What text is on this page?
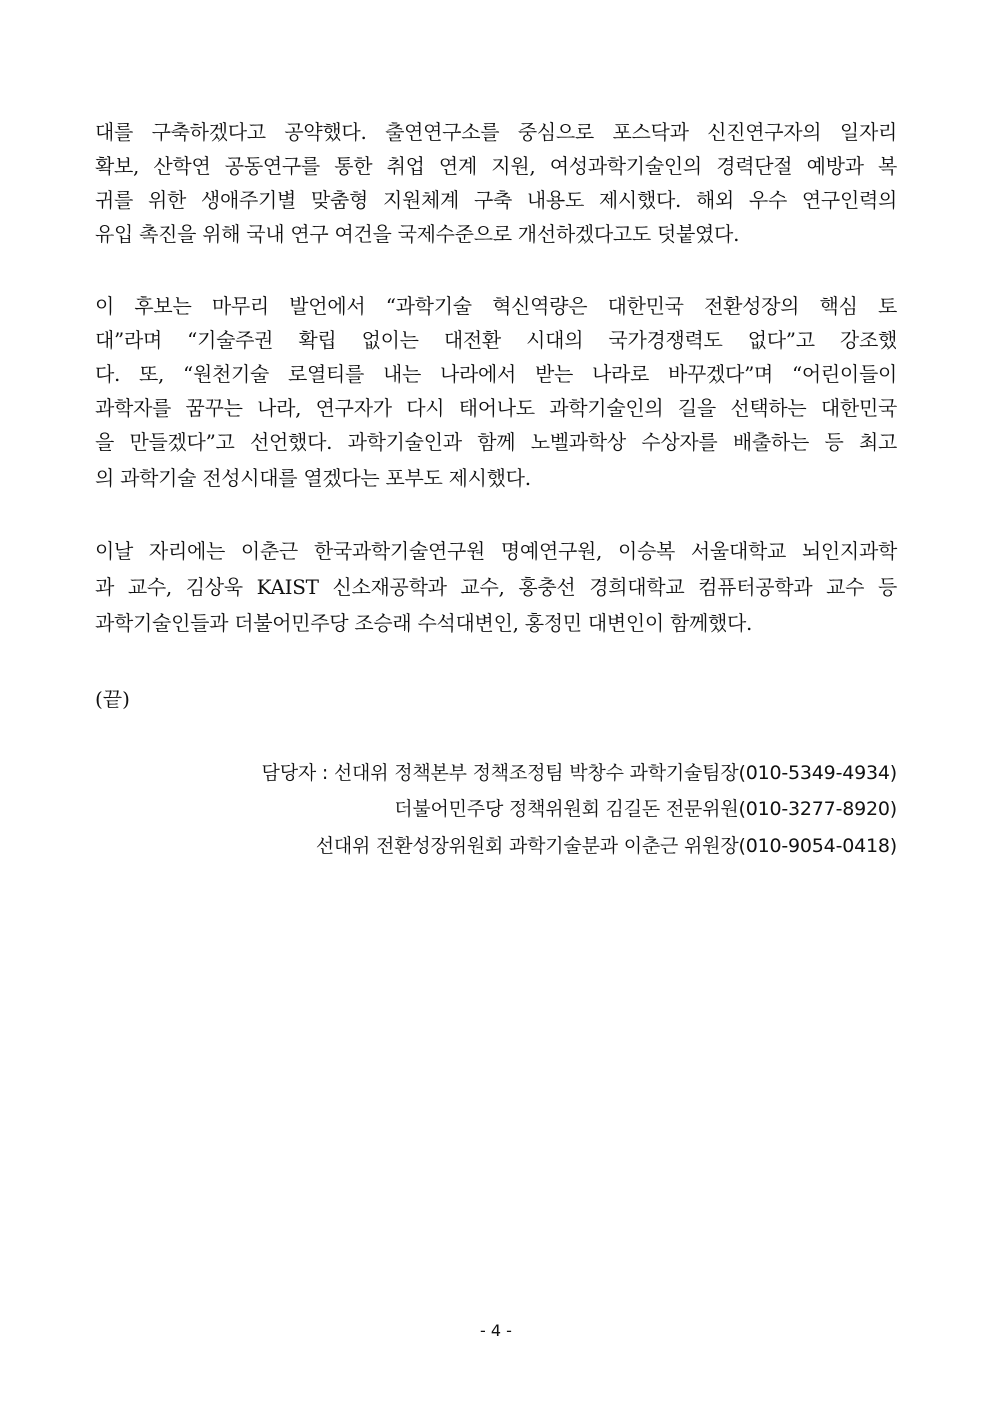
대를 구축하겠다고 공약했다. 출연연구소를 중심으로 포스닥과 신진연구자의 일자리
확보, 산학연 공동연구를 통한 취업 연계 지원, 여성과학기술인의 경력단절 예방과 복
귀를 위한 생애주기별 맞춤형 지원체계 구축 내용도 제시했다. 해외 우수 연구인력의
유입 촉진을 위해 국내 연구 여건을 국제수준으로 개선하겠다고도 덧붙였다.
이 후보는 마무리 발언에서 “과학기술 혁신역량은 대한민국 전환성장의 핵심 토
대”라며 “기술주권 확립 없이는 대전환 시대의 국가경쟁력도 없다”고 강조했
다. 또, “원천기술 로열티를 내는 나라에서 받는 나라로 바꾸겠다”며 “어린이들이
과학자를 꿈꾸는 나라, 연구자가 다시 태어나도 과학기술인의 길을 선택하는 대한민국
을 만들겠다”고 선언했다. 과학기술인과 함께 노벨과학상 수상자를 배출하는 등 최고
의 과학기술 전성시대를 열겠다는 포부도 제시했다.
이날 자리에는 이춘근 한국과학기술연구원 명예연구원, 이승복 서울대학교 뇌인지과학
과 교수, 김상욱 KAIST 신소재공학과 교수, 홍충선 경희대학교 컴퓨터공학과 교수 등
과학기술인들과 더불어민주당 조승래 수석대변인, 홍정민 대변인이 함께했다.
(끝)
담당자 : 선대위 정책본부 정책조정팀 박창수 과학기술팀장(010-5349-4934)
더불어민주당 정책위원회 김길돈 전문위원(010-3277-8920)
선대위 전환성장위원회 과학기술분과 이춘근 위원장(010-9054-0418)
- 4 -
